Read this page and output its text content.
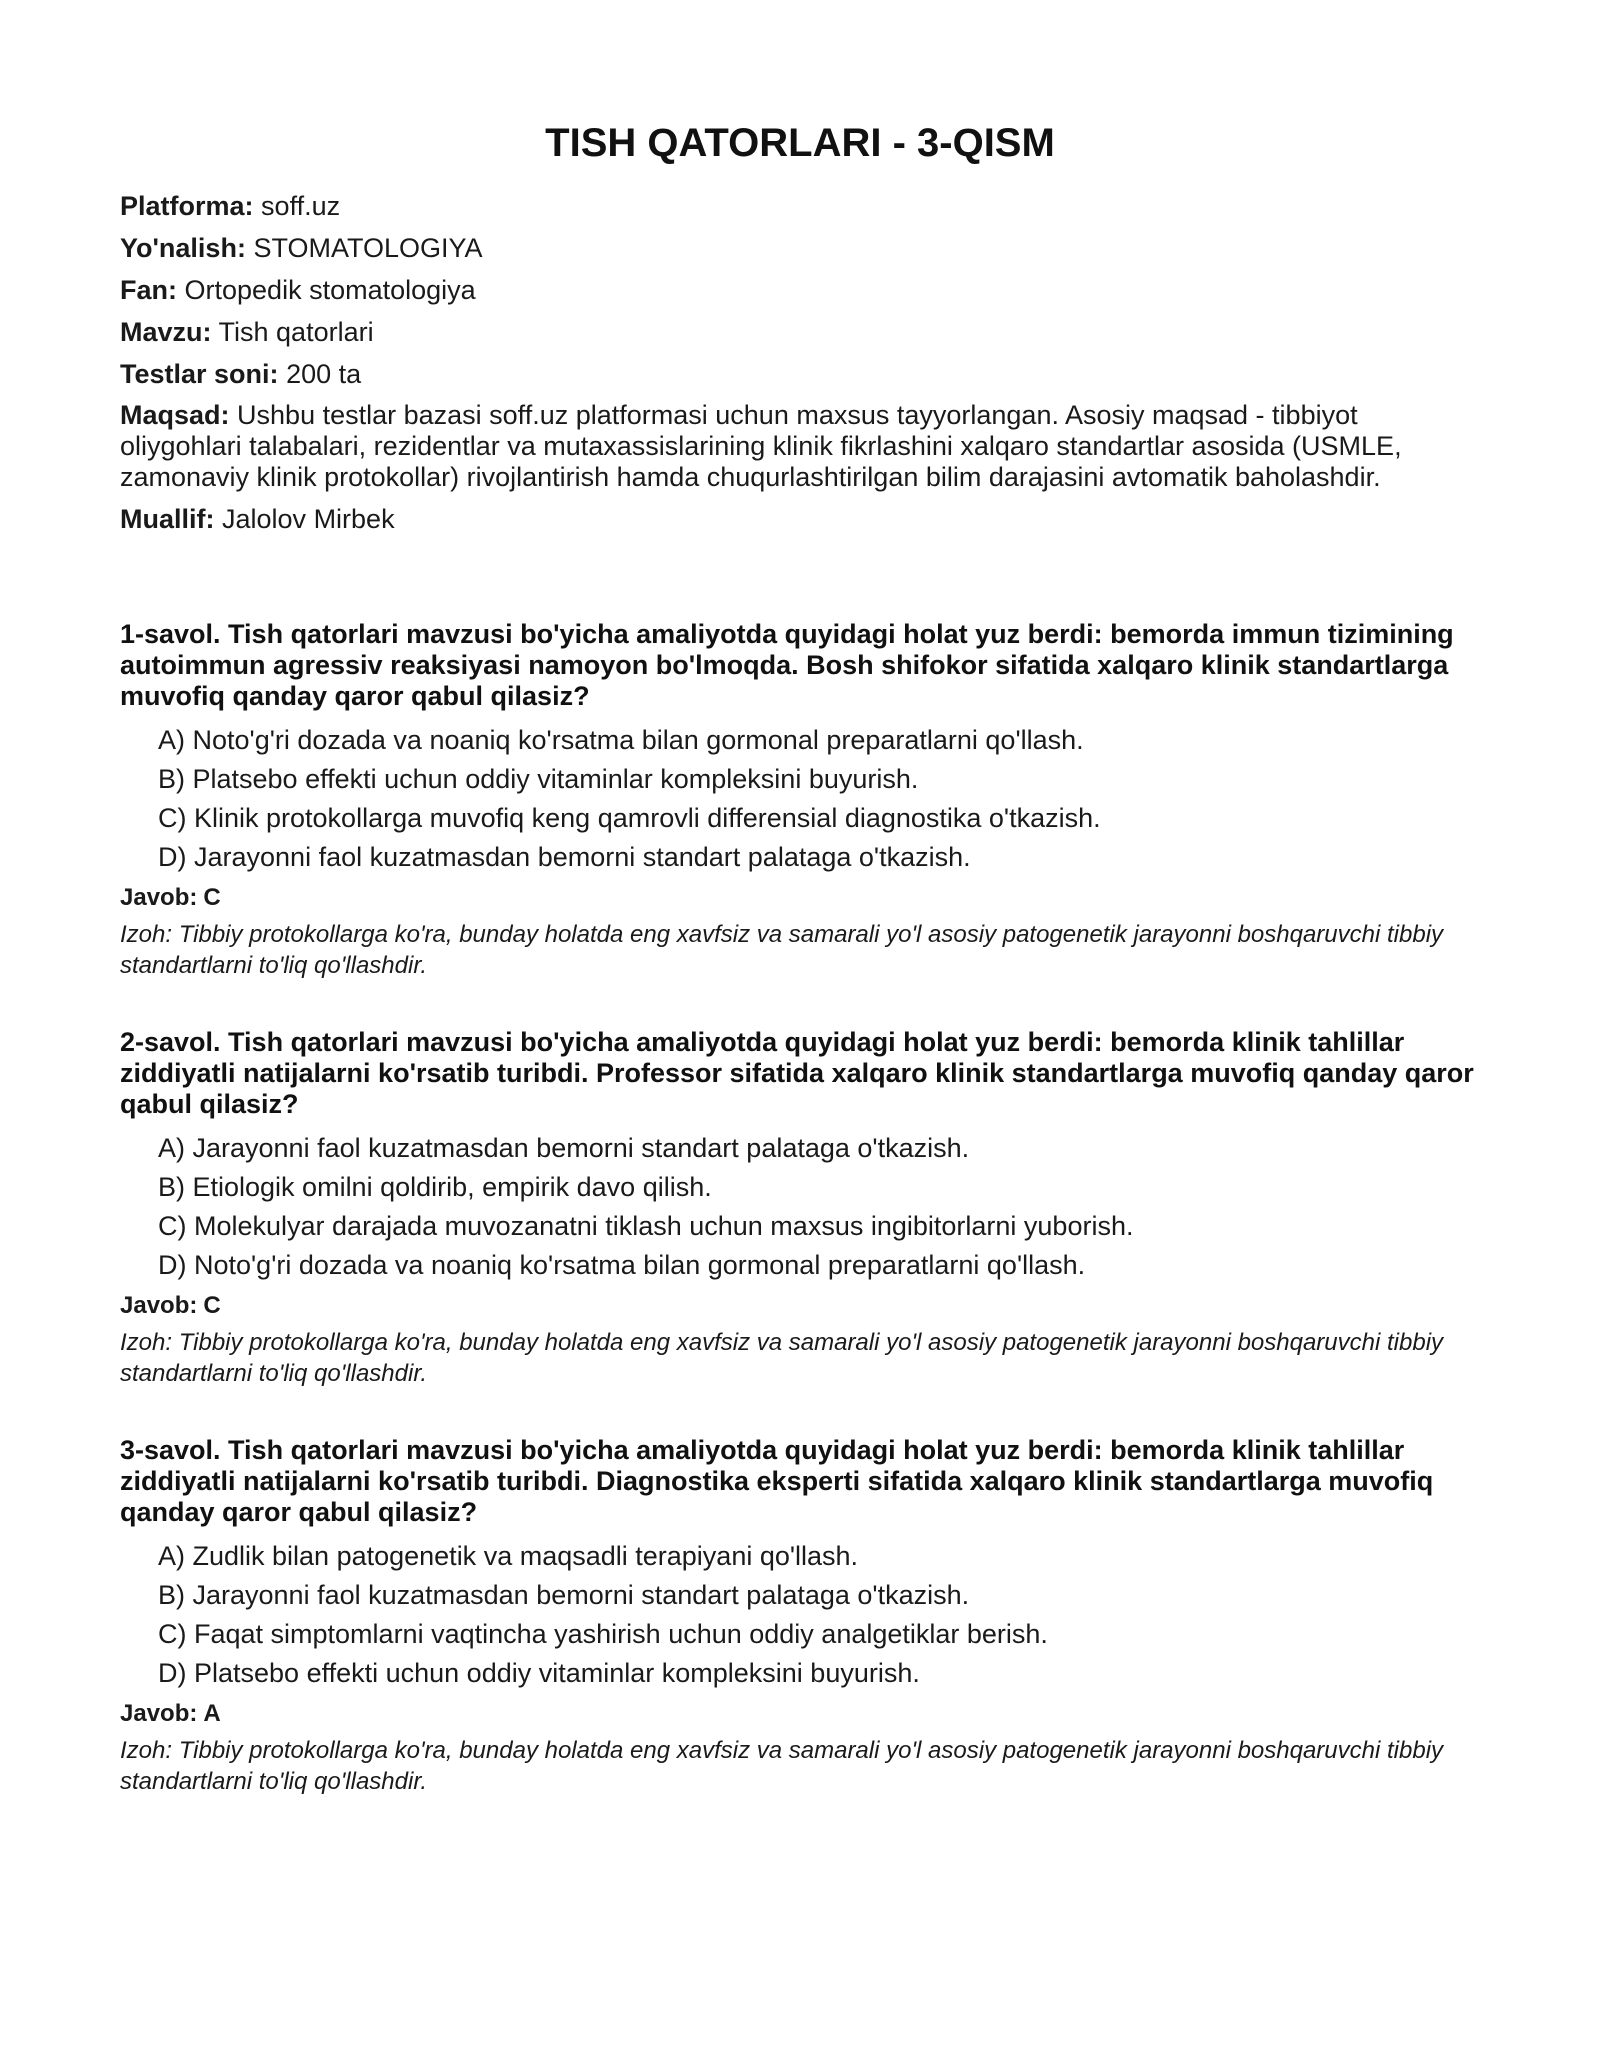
TISH QATORLARI - 3-QISM

Platforma: soff.uz

Yo'nalish: STOMATOLOGIYA

Fan: Ortopedik stomatologiya

Mavzu: Tish qatorlari

Testlar soni: 200 ta

Maqsad: Ushbu testlar bazasi soff.uz platformasi uchun maxsus tayyorlangan. Asosiy maqsad - tibbiyot oliygohlari talabalari, rezidentlar va mutaxassislarining klinik fikrlashini xalqaro standartlar asosida (USMLE, zamonaviy klinik protokollar) rivojlantirish hamda chuqurlashtirilgan bilim darajasini avtomatik baholashdir.

Muallif: Jalolov Mirbek

1-savol. Tish qatorlari mavzusi bo'yicha amaliyotda quyidagi holat yuz berdi: bemorda immun tizimining autoimmun agressiv reaksiyasi namoyon bo'lmoqda. Bosh shifokor sifatida xalqaro klinik standartlarga muvofiq qanday qaror qabul qilasiz?

A) Noto'g'ri dozada va noaniq ko'rsatma bilan gormonal preparatlarni qo'llash.
B) Platsebo effekti uchun oddiy vitaminlar kompleksini buyurish.
C) Klinik protokollarga muvofiq keng qamrovli differensial diagnostika o'tkazish.
D) Jarayonni faol kuzatmasdan bemorni standart palataga o'tkazish.

Javob: C

Izoh: Tibbiy protokollarga ko'ra, bunday holatda eng xavfsiz va samarali yo'l asosiy patogenetik jarayonni boshqaruvchi tibbiy standartlarni to'liq qo'llashdir.

2-savol. Tish qatorlari mavzusi bo'yicha amaliyotda quyidagi holat yuz berdi: bemorda klinik tahlillar ziddiyatli natijalarni ko'rsatib turibdi. Professor sifatida xalqaro klinik standartlarga muvofiq qanday qaror qabul qilasiz?

A) Jarayonni faol kuzatmasdan bemorni standart palataga o'tkazish.
B) Etiologik omilni qoldirib, empirik davo qilish.
C) Molekulyar darajada muvozanatni tiklash uchun maxsus ingibitorlarni yuborish.
D) Noto'g'ri dozada va noaniq ko'rsatma bilan gormonal preparatlarni qo'llash.

Javob: C

Izoh: Tibbiy protokollarga ko'ra, bunday holatda eng xavfsiz va samarali yo'l asosiy patogenetik jarayonni boshqaruvchi tibbiy standartlarni to'liq qo'llashdir.

3-savol. Tish qatorlari mavzusi bo'yicha amaliyotda quyidagi holat yuz berdi: bemorda klinik tahlillar ziddiyatli natijalarni ko'rsatib turibdi. Diagnostika eksperti sifatida xalqaro klinik standartlarga muvofiq qanday qaror qabul qilasiz?

A) Zudlik bilan patogenetik va maqsadli terapiyani qo'llash.
B) Jarayonni faol kuzatmasdan bemorni standart palataga o'tkazish.
C) Faqat simptomlarni vaqtincha yashirish uchun oddiy analgetiklar berish.
D) Platsebo effekti uchun oddiy vitaminlar kompleksini buyurish.

Javob: A

Izoh: Tibbiy protokollarga ko'ra, bunday holatda eng xavfsiz va samarali yo'l asosiy patogenetik jarayonni boshqaruvchi tibbiy standartlarni to'liq qo'llashdir.
